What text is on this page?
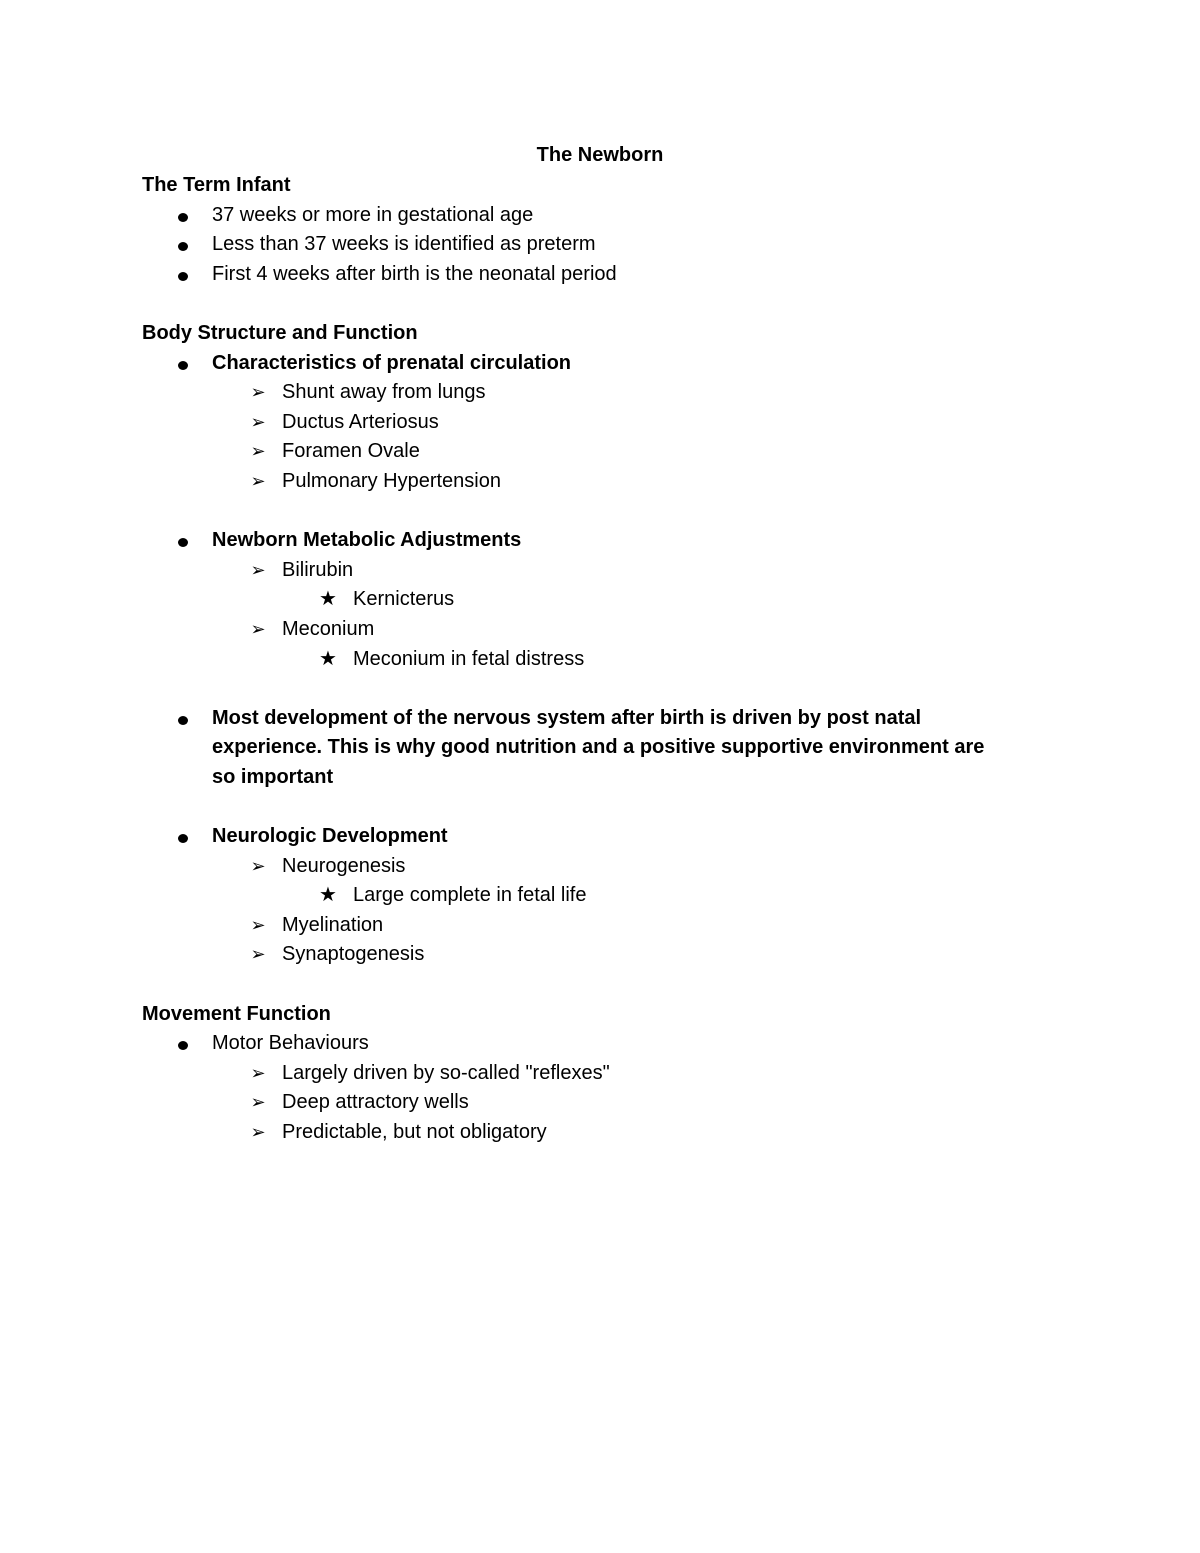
The Newborn
The Term Infant
37 weeks or more in gestational age
Less than 37 weeks is identified as preterm
First 4 weeks after birth is the neonatal period
Body Structure and Function
Characteristics of prenatal circulation
➢ Shunt away from lungs
➢ Ductus Arteriosus
➢ Foramen Ovale
➢ Pulmonary Hypertension
Newborn Metabolic Adjustments
➢ Bilirubin
★ Kernicterus
➢ Meconium
★ Meconium in fetal distress
Most development of the nervous system after birth is driven by post natal
experience. This is why good nutrition and a positive supportive environment are
so important
Neurologic Development
➢ Neurogenesis
★ Large complete in fetal life
➢ Myelination
➢ Synaptogenesis
Movement Function
Motor Behaviours
➢ Largely driven by so-called "reflexes"
➢ Deep attractory wells
➢ Predictable, but not obligatory
